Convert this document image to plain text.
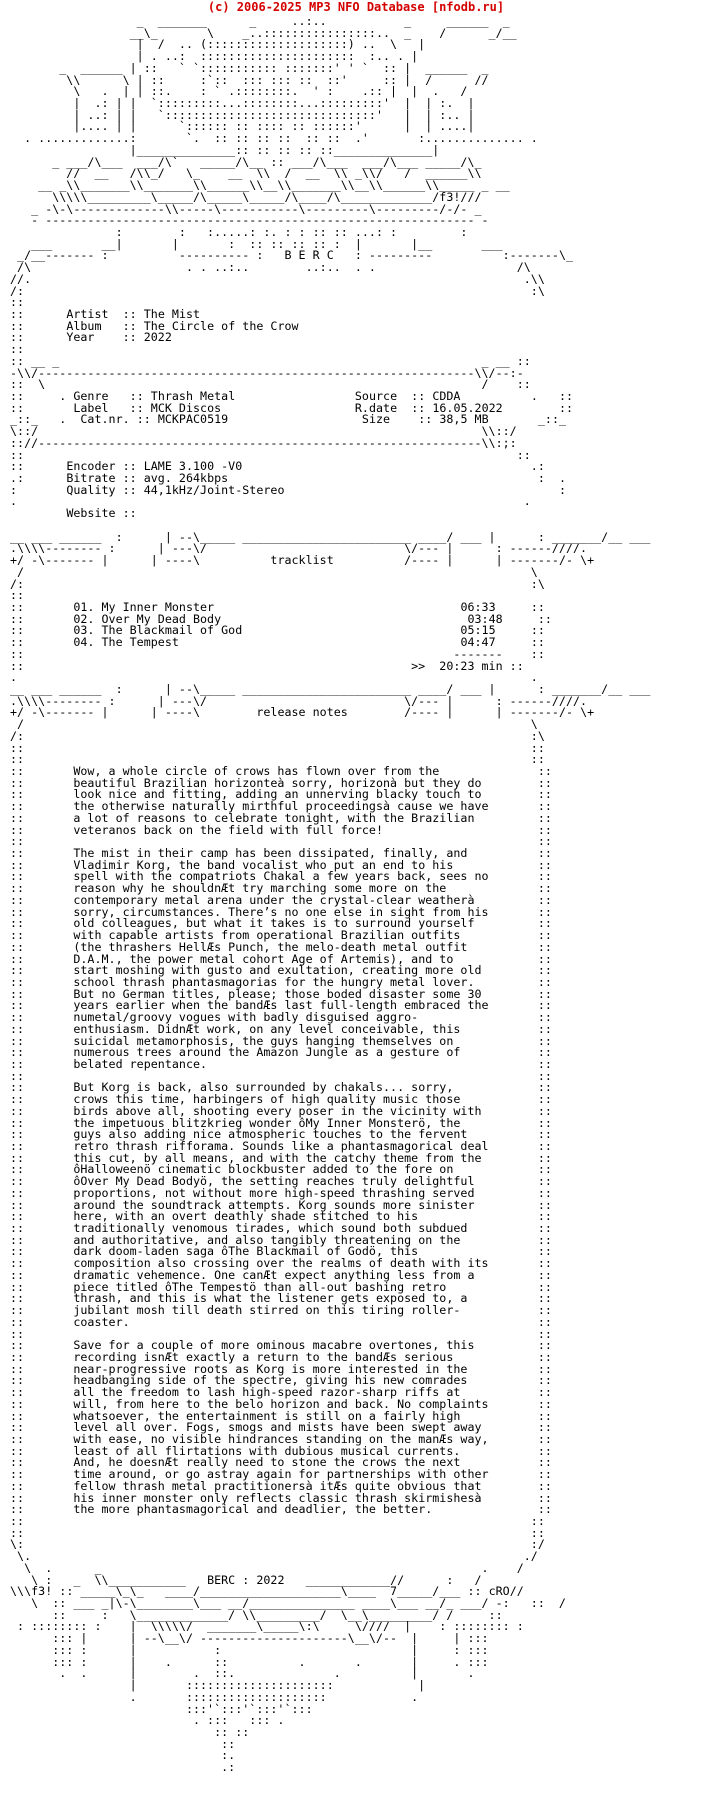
(c) 2006-2025 MP3 NFO Database [nfodb.ru]
_  _______      _     ..:..           _     ______  _
__\_       \    _..::::::::::::::::..  _    /      _/__
|  /  .. (::::::::::::::::::::) ..  \   |
| . ..:  ::::::::::::::::::::::  :.. . |
_  ______ | ::   ` `::::::::::: :::::::' ' `  :: |  ______  _
\\      \ | ::     :`::  ::: ::: ::  ::'     :: |  /      //
\   .  | | ::.    : ` .::::::::.  ' :    .:: |  |  .   /
|  .: | |  `:::::::::...::::::::...:::::::::'  |  | :.  |
| ..: | |   `::::::::::::::::::::::::::::::'   |  | :.. |
|.... | |      `:::::: :: :::: :: ::::::'      |  | ....|
. .............:       `.  :: :: :: ::  :: ::  .'       :.............. .
|______________:: :: :: :: ::______________|
_ ___/\___  ___/\`   _____/\__ :: ___/\___  ___/\___ _____/\_
//  __   /\\_/   \_    __  \\  /  __  \\ _\\/   /  ______\\
__ _\\_______\\_______\\______\\__\\_______\\__\\______\\_____ _ __
\\\\\_________\_____/\_____\_____/\____/\_____________/f3!///
_ -\-\-------------\\-----\-----------\---------\---------/-/- _
- ------------------------------------------------------------- -
:        :   :.....: :. : : :: :: ...: :         :
___       __|       |       :  :: :: :: :: :  |       |__       ___
_/__------- :          ---------- :   B E R C   : ---------          :-------\_
/\                      . . ..:..        ..:..  . .                    /\
//.                                                                      .\\
/:                                                                        :\
::
::	Artist  :: The Mist
::	Album   :: The Circle of the Crow
::	Year    :: 2022
::
:: __ _                                                            _ __ ::
-\\/--------------------------------------------------------------\\/--:-
::  \                                                              /    ::
::     . Genre   :: Thrash Metal	Source  :: CDDA	.   ::
::	Label   :: MCK Discos	R.date  :: 16.05.2022	::
_::_   .  Cat.nr. :: MCKPAC0519	Size    :: 38,5 MB	_::_
\::/                                                               \\::/
:://---------------------------------------------------------------\\:;:
::                                                                      ::
::	Encoder :: LAME 3.100 -V0	.:
.:	Bitrate :: avg. 264kbps	:  .
:	Quality :: 44,1kHz/Joint-Stereo	:
.                                                                        .
Website ::

__ ___ ______  :      | --\_____ ________________________ ____/ ___ |      : _______/__ ___
.\\\\-------- :      | ---\/                            \/--- |      : ------////.
+/ -\------- |      | ----\	tracklist	/---- |      | -------/- \+
/                                                                        \
/:                                                                        :\
::
::	01. My Inner Monster	06:33	::
::	02. Over My Dead Body	03:48	::
::	03. The Blackmail of God	05:15	::
::	04. The Tempest	04:47	::
::                                                             -------    ::
::                                                       >>  20:23 min ::
.                                                                         .
__ ___ ______  :      | --\_____ ________________________ ____/ ___ |      : _______/__ ___
.\\\\-------- :      | ---\/                            \/--- |      : ------////.
+/ -\------- |      | ----\	release notes	/---- |      | -------/- \+
/                                                                        \
/:                                                                        :\
::                                                                        ::
::                                                                        ::
::       Wow, a whole circle of crows has flown over from the	::
::       beautiful Brazilian horizonteà sorry, horizonà but they do	::
::       look nice and fitting, adding an unnerving blacky touch to	::
::       the otherwise naturally mirthful proceedingsà cause we have	::
::       a lot of reasons to celebrate tonight, with the Brazilian	::
::       veteranos back on the field with full force!	::
::	::
::       The mist in their camp has been dissipated, finally, and	::
::       Vladimir Korg, the band vocalist who put an end to his	::
::       spell with the compatriots Chakal a few years back, sees no	::
::       reason why he shouldnÆt try marching some more on the	::
::       contemporary metal arena under the crystal-clear weatherà	::
::       sorry, circumstances. There’s no one else in sight from his	::
::       old colleagues, but what it takes is to surround yourself	::
::       with capable artists from operational Brazilian outfits	::
::       (the thrashers HellÆs Punch, the melo-death metal outfit	::
::       D.A.M., the power metal cohort Age of Artemis), and to	::
::       start moshing with gusto and exultation, creating more old	::
::       school thrash phantasmagorias for the hungry metal lover.	::
::       But no German titles, please; those boded disaster some 30	::
::       years earlier when the bandÆs last full-length embraced the	::
::       numetal/groovy vogues with badly disguised aggro-	::
::       enthusiasm. DidnÆt work, on any level conceivable, this	::
::       suicidal metamorphosis, the guys hanging themselves on	::
::       numerous trees around the Amazon Jungle as a gesture of	::
::       belated repentance.	::
::	::
::       But Korg is back, also surrounded by chakals... sorry,	::
::       crows this time, harbingers of high quality music those	::
::       birds above all, shooting every poser in the vicinity with	::
::       the impetuous blitzkrieg wonder ôMy Inner Monsterö, the	::
::       guys also adding nice atmospheric touches to the fervent	::
::       retro thrash rifforama. Sounds like a phantasmagorical deal	::
::       this cut, by all means, and with the catchy theme from the	::
::       ôHalloweenö cinematic blockbuster added to the fore on	::
::       ôOver My Dead Bodyö, the setting reaches truly delightful	::
::       proportions, not without more high-speed thrashing served	::
::       around the soundtrack attempts. Korg sounds more sinister	::
::       here, with an overt deathly shade stitched to his	::
::       traditionally venomous tirades, which sound both subdued	::
::       and authoritative, and also tangibly threatening on the	::
::       dark doom-laden saga ôThe Blackmail of Godö, this	::
::       composition also crossing over the realms of death with its	::
::       dramatic vehemence. One canÆt expect anything less from a	::
::       piece titled ôThe Tempestö than all-out bashing retro	::
::       thrash, and this is what the listener gets exposed to, a	::
::       jubilant mosh till death stirred on this tiring roller-	::
::       coaster.	::
::	::
::       Save for a couple of more ominous macabre overtones, this	::
::       recording isnÆt exactly a return to the bandÆs serious	::
::       near-progressive roots as Korg is more interested in the	::
::       headbanging side of the spectre, giving his new comrades	::
::       all the freedom to lash high-speed razor-sharp riffs at	::
::       will, from here to the belo horizon and back. No complaints	::
::       whatsoever, the entertainment is still on a fairly high	::
::       level all over. Fogs, smogs and mists have been swept away	::
::       with ease, no visible hindrances standing on the manÆs way,	::
::       least of all flirtations with dubious musical currents.	::
::       And, he doesnÆt really need to stone the crows the next	::
::       time around, or go astray again for partnerships with other	::
::       fellow thrash metal practitionersà itÆs quite obvious that	::
::       his inner monster only reflects classic thrash skirmishesà	::
::       the more phantasmagorical and deadlier, the better.	::
::                                                                        ::
::                                                                        ::
\:                                                                        :/
\.                                                                      ./
\  .      _                                                      .    /
\ :   _  \\___________   BERC : 2022   ____________//      :   /
\\\f3! :: _____\_\_   ____/____________________\____  7_____/___ :: cRO//
\  :: ___ _|\-\________\___ __/_______________ ____\___ __/_ ___/ -:   ::  /
::     :   \_____________/ \\_________/  \__\_________/ /     ::
: :::::::: :    |  \\\\\/  _______\_____\:\     \////  |    : :::::::: :
::: |      | --\__\/ ---------------------\__\/--  |     | :::
::: :      |           :                           |     : :::
::: :      |    .      ::          .       .       |     . :::
.  .      |        .  ::.              .          |       .
|       :::::::::::::::::::::            |
.       ::::::::::::::::::::            .
:::'`:::'`:::'`:::
. :::   ::: .
:: ::
::
:.
.:
